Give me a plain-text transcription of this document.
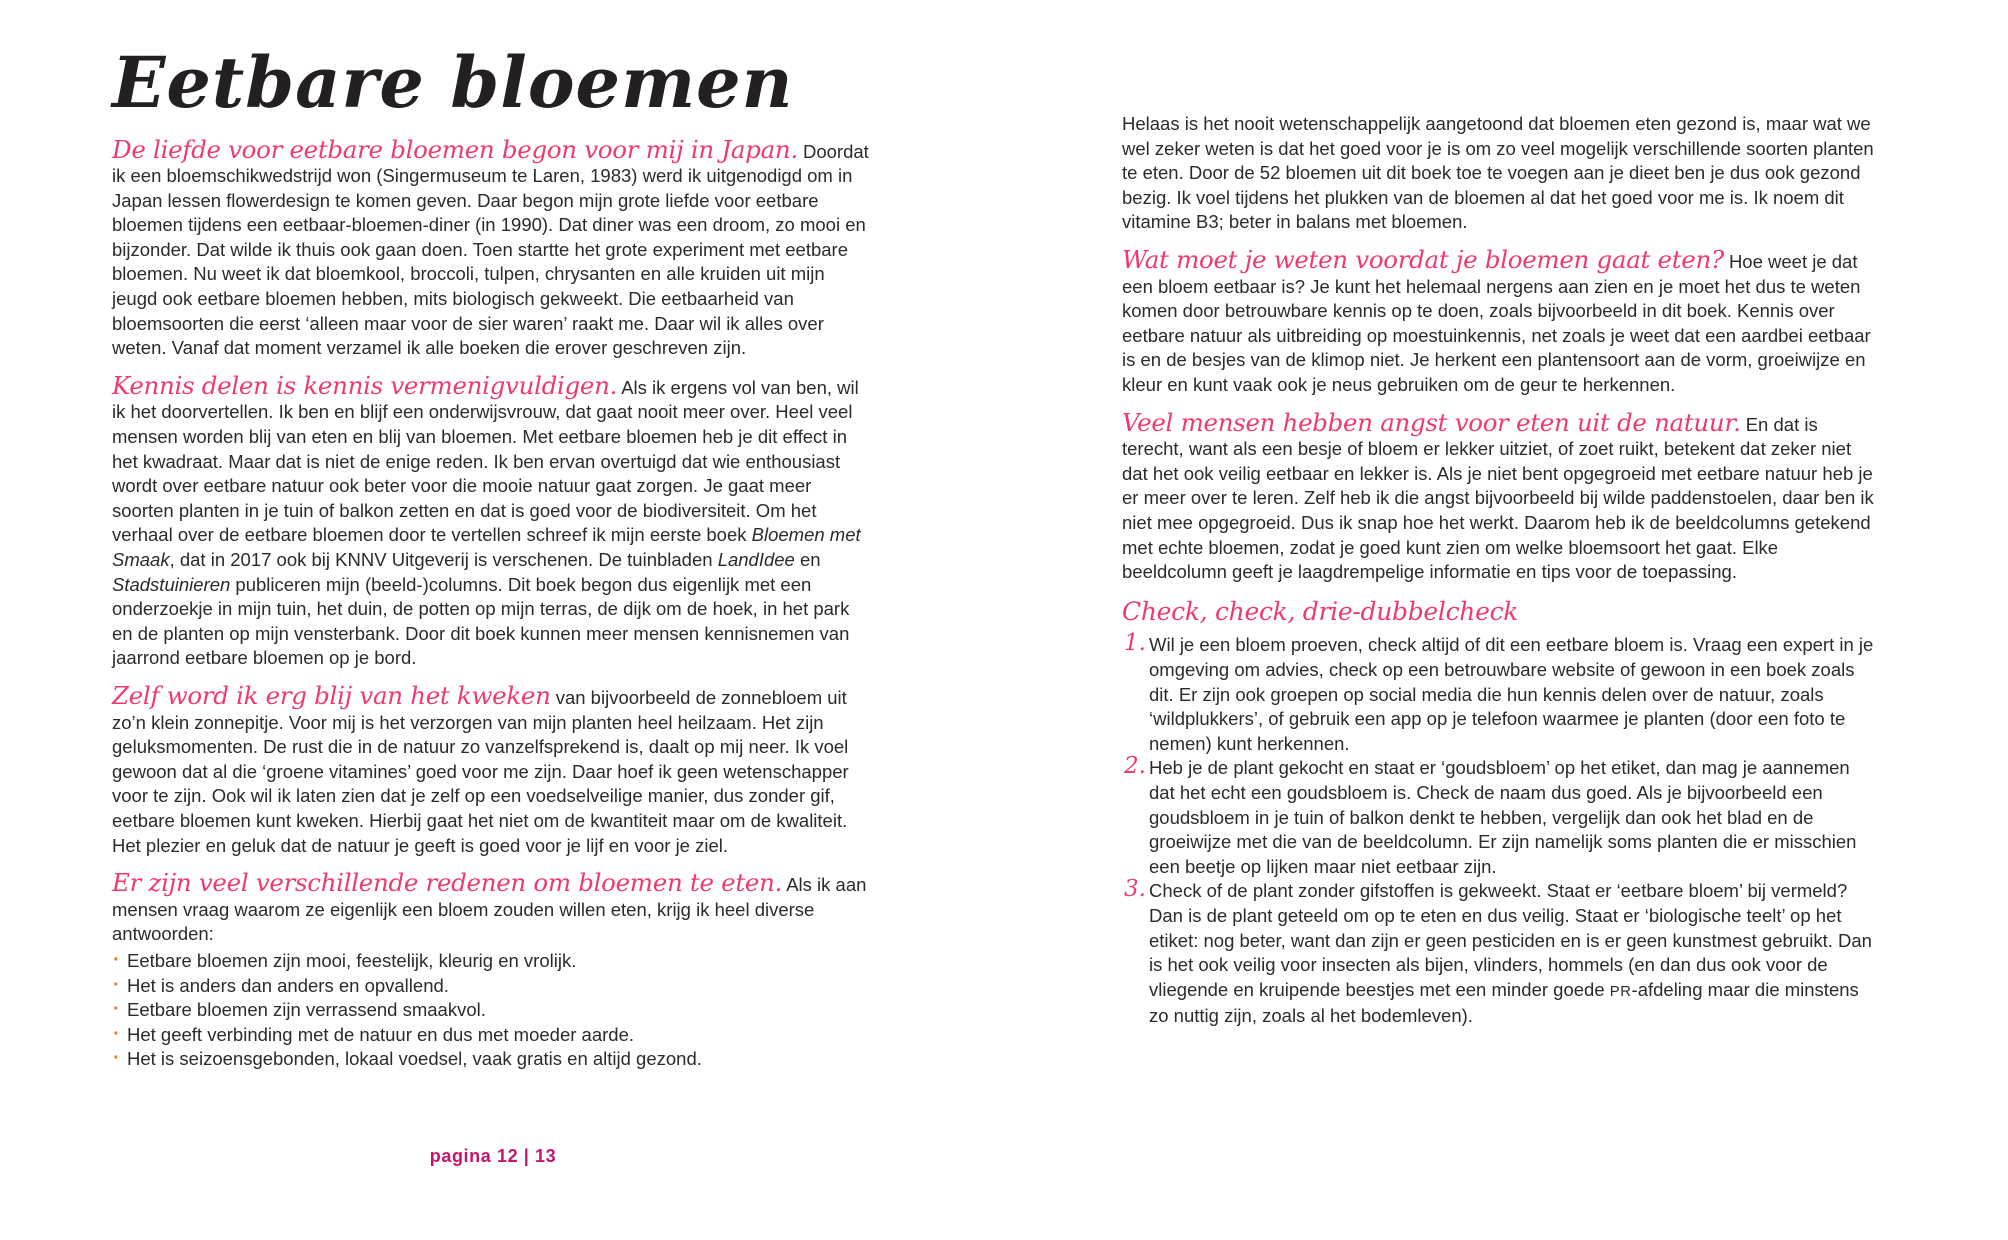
Eetbare bloemen

De liefde voor eetbare bloemen begon voor mij in Japan. Doordat ik een bloemschikwedstrijd won (Singermuseum te Laren, 1983) werd ik uitgenodigd om in Japan lessen flowerdesign te komen geven. Daar begon mijn grote liefde voor eetbare bloemen tijdens een eetbaar-bloemen-diner (in 1990). Dat diner was een droom, zo mooi en bijzonder. Dat wilde ik thuis ook gaan doen. Toen startte het grote experiment met eetbare bloemen. Nu weet ik dat bloemkool, broccoli, tulpen, chrysanten en alle kruiden uit mijn jeugd ook eetbare bloemen hebben, mits biologisch gekweekt. Die eetbaarheid van bloemsoorten die eerst ‘alleen maar voor de sier waren’ raakt me. Daar wil ik alles over weten. Vanaf dat moment verzamel ik alle boeken die erover geschreven zijn.

Kennis delen is kennis vermenigvuldigen. Als ik ergens vol van ben, wil ik het doorvertellen. Ik ben en blijf een onderwijsvrouw, dat gaat nooit meer over. Heel veel mensen worden blij van eten en blij van bloemen. Met eetbare bloemen heb je dit effect in het kwadraat. Maar dat is niet de enige reden. Ik ben ervan overtuigd dat wie enthousiast wordt over eetbare natuur ook beter voor die mooie natuur gaat zorgen. Je gaat meer soorten planten in je tuin of balkon zetten en dat is goed voor de biodiversiteit. Om het verhaal over de eetbare bloemen door te vertellen schreef ik mijn eerste boek Bloemen met Smaak, dat in 2017 ook bij KNNV Uitgeverij is verschenen. De tuinbladen LandIdee en Stadstuinieren publiceren mijn (beeld-)columns. Dit boek begon dus eigenlijk met een onderzoekje in mijn tuin, het duin, de potten op mijn terras, de dijk om de hoek, in het park en de planten op mijn vensterbank. Door dit boek kunnen meer mensen kennisnemen van jaarrond eetbare bloemen op je bord.

Zelf word ik erg blij van het kweken van bijvoorbeeld de zonnebloem uit zo’n klein zonnepitje. Voor mij is het verzorgen van mijn planten heel heilzaam. Het zijn geluksmomenten. De rust die in de natuur zo vanzelfsprekend is, daalt op mij neer. Ik voel gewoon dat al die ‘groene vitamines’ goed voor me zijn. Daar hoef ik geen wetenschapper voor te zijn. Ook wil ik laten zien dat je zelf op een voedselveilige manier, dus zonder gif, eetbare bloemen kunt kweken. Hierbij gaat het niet om de kwantiteit maar om de kwaliteit. Het plezier en geluk dat de natuur je geeft is goed voor je lijf en voor je ziel.

Er zijn veel verschillende redenen om bloemen te eten. Als ik aan mensen vraag waarom ze eigenlijk een bloem zouden willen eten, krijg ik heel diverse antwoorden:

· Eetbare bloemen zijn mooi, feestelijk, kleurig en vrolijk.
· Het is anders dan anders en opvallend.
· Eetbare bloemen zijn verrassend smaakvol.
· Het geeft verbinding met de natuur en dus met moeder aarde.
· Het is seizoensgebonden, lokaal voedsel, vaak gratis en altijd gezond.
pagina 12 | 13

Helaas is het nooit wetenschappelijk aangetoond dat bloemen eten gezond is, maar wat we wel zeker weten is dat het goed voor je is om zo veel mogelijk verschillende soorten planten te eten. Door de 52 bloemen uit dit boek toe te voegen aan je dieet ben je dus ook gezond bezig. Ik voel tijdens het plukken van de bloemen al dat het goed voor me is. Ik noem dit vitamine B3; beter in balans met bloemen.

Wat moet je weten voordat je bloemen gaat eten? Hoe weet je dat een bloem eetbaar is? Je kunt het helemaal nergens aan zien en je moet het dus te weten komen door betrouwbare kennis op te doen, zoals bijvoorbeeld in dit boek. Kennis over eetbare natuur als uitbreiding op moestuinkennis, net zoals je weet dat een aardbei eetbaar is en de besjes van de klimop niet. Je herkent een plantensoort aan de vorm, groeiwijze en kleur en kunt vaak ook je neus gebruiken om de geur te herkennen.

Veel mensen hebben angst voor eten uit de natuur. En dat is terecht, want als een besje of bloem er lekker uitziet, of zoet ruikt, betekent dat zeker niet dat het ook veilig eetbaar en lekker is. Als je niet bent opgegroeid met eetbare natuur heb je er meer over te leren. Zelf heb ik die angst bijvoorbeeld bij wilde paddenstoelen, daar ben ik niet mee opgegroeid. Dus ik snap hoe het werkt. Daarom heb ik de beeldcolumns getekend met echte bloemen, zodat je goed kunt zien om welke bloemsoort het gaat. Elke beeldcolumn geeft je laagdrempelige informatie en tips voor de toepassing.

Check, check, drie-dubbelcheck
1. Wil je een bloem proeven, check altijd of dit een eetbare bloem is. Vraag een expert in je omgeving om advies, check op een betrouwbare website of gewoon in een boek zoals dit. Er zijn ook groepen op social media die hun kennis delen over de natuur, zoals ‘wildplukkers’, of gebruik een app op je telefoon waarmee je planten (door een foto te nemen) kunt herkennen.
2. Heb je de plant gekocht en staat er ‘goudsbloem’ op het etiket, dan mag je aannemen dat het echt een goudsbloem is. Check de naam dus goed. Als je bijvoorbeeld een goudsbloem in je tuin of balkon denkt te hebben, vergelijk dan ook het blad en de groeiwijze met die van de beeldcolumn. Er zijn namelijk soms planten die er misschien een beetje op lijken maar niet eetbaar zijn.
3. Check of de plant zonder gifstoffen is gekweekt. Staat er ‘eetbare bloem’ bij vermeld? Dan is de plant geteeld om op te eten en dus veilig. Staat er ‘biologische teelt’ op het etiket: nog beter, want dan zijn er geen pesticiden en is er geen kunstmest gebruikt. Dan is het ook veilig voor insecten als bijen, vlinders, hommels (en dan dus ook voor de vliegende en kruipende beestjes met een minder goede PR-afdeling maar die minstens zo nuttig zijn, zoals al het bodemleven).
